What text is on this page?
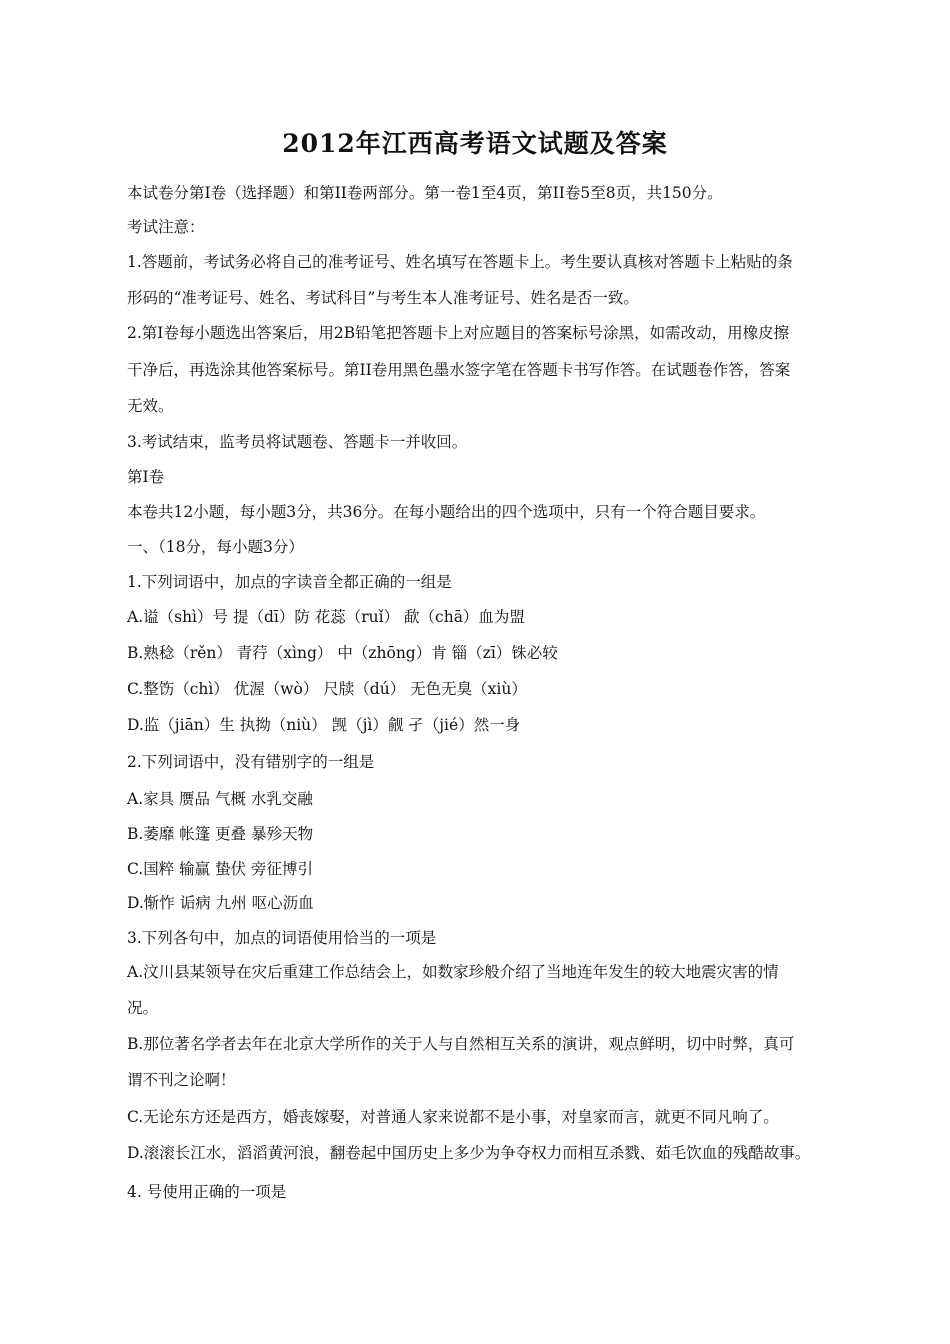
2012年江西高考语文试题及答案
本试卷分第I卷（选择题）和第II卷两部分。第一卷1至4页，第II卷5至8页，共150分。
考试注意：
1.答题前，考试务必将自己的准考证号、姓名填写在答题卡上。考生要认真核对答题卡上粘贴的条
形码的“准考证号、姓名、考试科目”与考生本人准考证号、姓名是否一致。
2.第I卷每小题选出答案后，用2B铅笔把答题卡上对应题目的答案标号涂黑，如需改动，用橡皮擦
干净后，再选涂其他答案标号。第II卷用黑色墨水签字笔在答题卡书写作答。在试题卷作答，答案
无效。
3.考试结束，监考员将试题卷、答题卡一并收回。
第I卷
本卷共12小题，每小题3分，共36分。在每小题给出的四个选项中，只有一个符合题目要求。
一、（18分，每小题3分）
1.下列词语中，加点的字读音全都正确的一组是
A.谥（shì）号 提（dī）防 花蕊（ruǐ） 歃（chā）血为盟
B.熟稔（rěn） 青荇（xìng） 中（zhōng）肯 锱（zī）铢必较
C.整饬（chì） 优渥（wò） 尺牍（dú） 无色无臭（xiù）
D.监（jiān）生 执拗（niù） 觊（jì）觎 孑（jié）然一身
2.下列词语中，没有错别字的一组是
A.家具 赝品 气概 水乳交融
B.萎靡 帐篷 更叠 暴殄天物
C.国粹 输赢 蛰伏 旁征博引
D.惭怍 诟病 九州 呕心沥血
3.下列各句中，加点的词语使用恰当的一项是
A.汶川县某领导在灾后重建工作总结会上，如数家珍般介绍了当地连年发生的较大地震灾害的情
况。
B.那位著名学者去年在北京大学所作的关于人与自然相互关系的演讲，观点鲜明，切中时弊，真可
谓不刊之论啊！
C.无论东方还是西方，婚丧嫁娶，对普通人家来说都不是小事，对皇家而言，就更不同凡响了。
D.滚滚长江水，滔滔黄河浪，翻卷起中国历史上多少为争夺权力而相互杀戮、茹毛饮血的残酷故事。
4. 号使用正确的一项是
